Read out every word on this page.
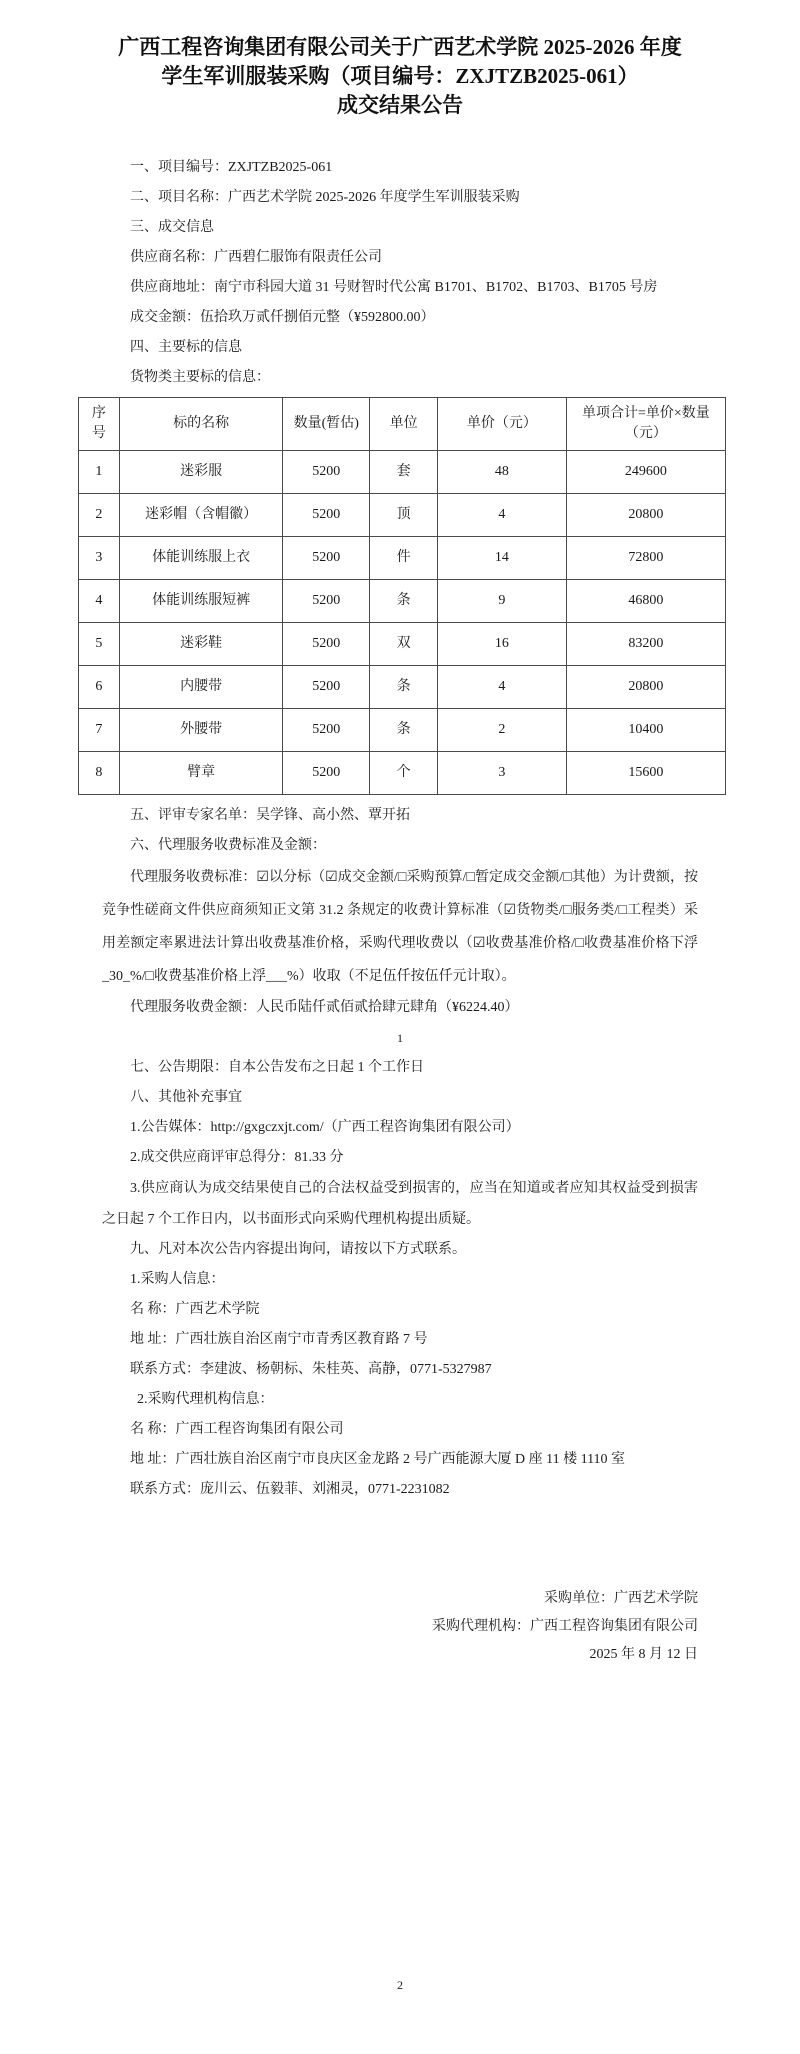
广西工程咨询集团有限公司关于广西艺术学院 2025-2026 年度
学生军训服装采购（项目编号：ZXJTZB2025-061）
成交结果公告

一、项目编号：ZXJTZB2025-061

二、项目名称：广西艺术学院 2025-2026 年度学生军训服装采购

三、成交信息

供应商名称：广西碧仁服饰有限责任公司

供应商地址：南宁市科园大道 31 号财智时代公寓 B1701、B1702、B1703、B1705 号房

成交金额：伍拾玖万贰仟捌佰元整（¥592800.00）

四、主要标的信息

货物类主要标的信息：

序号	标的名称	数量(暂估)	单位	单价（元）	单项合计=单价×数量（元）
1	迷彩服	5200	套	48	249600
2	迷彩帽（含帽徽）	5200	顶	4	20800
3	体能训练服上衣	5200	件	14	72800
4	体能训练服短裤	5200	条	9	46800
5	迷彩鞋	5200	双	16	83200
6	内腰带	5200	条	4	20800
7	外腰带	5200	条	2	10400
8	臂章	5200	个	3	15600

五、评审专家名单：吴学锋、高小然、覃开拓

六、代理服务收费标准及金额：

代理服务收费标准：☑以分标（☑成交金额/□采购预算/□暂定成交金额/□其他）为计费额，按竞争性磋商文件供应商须知正文第 31.2 条规定的收费计算标准（☑货物类/□服务类/□工程类）采用差额定率累进法计算出收费基准价格，采购代理收费以（☑收费基准价格/□收费基准价格下浮_30_%/□收费基准价格上浮___%）收取（不足伍仟按伍仟元计取）。

代理服务收费金额：人民币陆仟贰佰贰拾肆元肆角（¥6224.40）

1

七、公告期限：自本公告发布之日起 1 个工作日

八、其他补充事宜

1.公告媒体：http://gxgczxjt.com/（广西工程咨询集团有限公司）

2.成交供应商评审总得分：81.33 分

3.供应商认为成交结果使自己的合法权益受到损害的，应当在知道或者应知其权益受到损害之日起 7 个工作日内，以书面形式向采购代理机构提出质疑。

九、凡对本次公告内容提出询问，请按以下方式联系。

1.采购人信息：

名 称：广西艺术学院

地 址：广西壮族自治区南宁市青秀区教育路 7 号

联系方式：李建波、杨朝标、朱桂英、高静，0771-5327987

2.采购代理机构信息：

名 称：广西工程咨询集团有限公司

地 址：广西壮族自治区南宁市良庆区金龙路 2 号广西能源大厦 D 座 11 楼 1110 室

联系方式：庞川云、伍毅菲、刘湘灵，0771-2231082

采购单位：广西艺术学院
采购代理机构：广西工程咨询集团有限公司
2025 年 8 月 12 日
2
